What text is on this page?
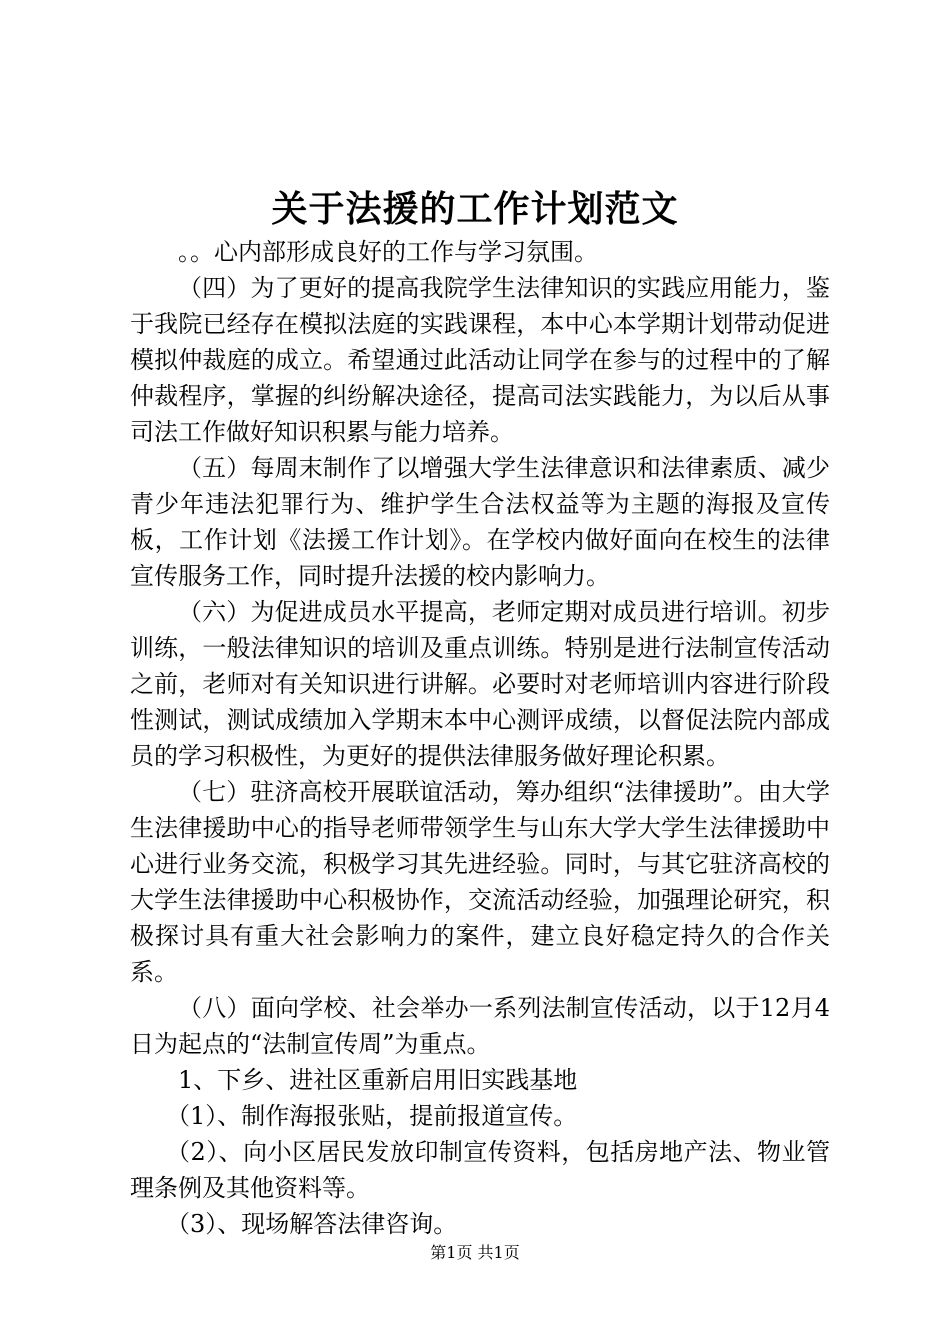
关于法援的工作计划范文

。。心内部形成良好的工作与学习氛围。

（四）为了更好的提高我院学生法律知识的实践应用能力，鉴于我院已经存在模拟法庭的实践课程，本中心本学期计划带动促进模拟仲裁庭的成立。希望通过此活动让同学在参与的过程中的了解仲裁程序，掌握的纠纷解决途径，提高司法实践能力，为以后从事司法工作做好知识积累与能力培养。

（五）每周末制作了以增强大学生法律意识和法律素质、减少青少年违法犯罪行为、维护学生合法权益等为主题的海报及宣传板，工作计划《法援工作计划》。在学校内做好面向在校生的法律宣传服务工作，同时提升法援的校内影响力。

（六）为促进成员水平提高，老师定期对成员进行培训。初步训练，一般法律知识的培训及重点训练。特别是进行法制宣传活动之前，老师对有关知识进行讲解。必要时对老师培训内容进行阶段性测试，测试成绩加入学期末本中心测评成绩，以督促法院内部成员的学习积极性，为更好的提供法律服务做好理论积累。

（七）驻济高校开展联谊活动，筹办组织“法律援助”。由大学生法律援助中心的指导老师带领学生与山东大学大学生法律援助中心进行业务交流，积极学习其先进经验。同时，与其它驻济高校的大学生法律援助中心积极协作，交流活动经验，加强理论研究，积极探讨具有重大社会影响力的案件，建立良好稳定持久的合作关系。

（八）面向学校、社会举办一系列法制宣传活动，以于12月4日为起点的“法制宣传周”为重点。

1、下乡、进社区重新启用旧实践基地

（1）、制作海报张贴，提前报道宣传。

（2）、向小区居民发放印制宣传资料，包括房地产法、物业管理条例及其他资料等。

（3）、现场解答法律咨询。

第1页 共1页
